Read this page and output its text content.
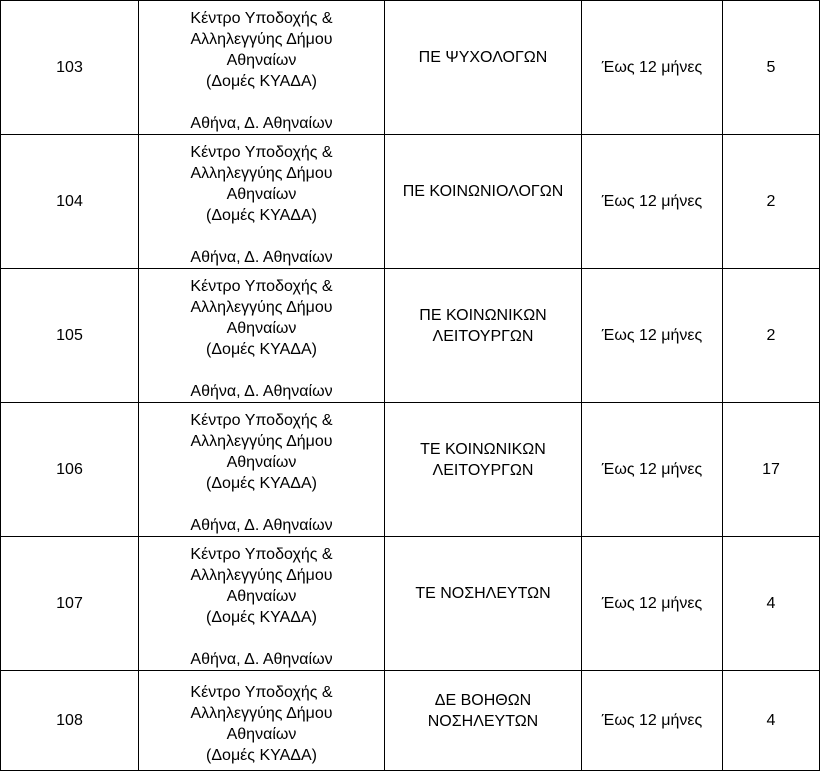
103	Κέντρο Υποδοχής &
Αλληλεγγύης Δήμου
Αθηναίων
(Δομές ΚΥΑΔΑ)
Αθήνα, Δ. Αθηναίων	ΠΕ ΨΥΧΟΛΟΓΩΝ	Έως 12 μήνες	5

104	Κέντρο Υποδοχής &
Αλληλεγγύης Δήμου
Αθηναίων
(Δομές ΚΥΑΔΑ)
Αθήνα, Δ. Αθηναίων	ΠΕ ΚΟΙΝΩΝΙΟΛΟΓΩΝ	Έως 12 μήνες	2

105	Κέντρο Υποδοχής &
Αλληλεγγύης Δήμου
Αθηναίων
(Δομές ΚΥΑΔΑ)
Αθήνα, Δ. Αθηναίων	ΠΕ ΚΟΙΝΩΝΙΚΩΝ
ΛΕΙΤΟΥΡΓΩΝ	Έως 12 μήνες	2

106	Κέντρο Υποδοχής &
Αλληλεγγύης Δήμου
Αθηναίων
(Δομές ΚΥΑΔΑ)
Αθήνα, Δ. Αθηναίων	ΤΕ ΚΟΙΝΩΝΙΚΩΝ
ΛΕΙΤΟΥΡΓΩΝ	Έως 12 μήνες	17

107	Κέντρο Υποδοχής &
Αλληλεγγύης Δήμου
Αθηναίων
(Δομές ΚΥΑΔΑ)
Αθήνα, Δ. Αθηναίων	ΤΕ ΝΟΣΗΛΕΥΤΩΝ	Έως 12 μήνες	4

108	Κέντρο Υποδοχής &
Αλληλεγγύης Δήμου
Αθηναίων
(Δομές ΚΥΑΔΑ)	ΔΕ ΒΟΗΘΩΝ
ΝΟΣΗΛΕΥΤΩΝ	Έως 12 μήνες	4
